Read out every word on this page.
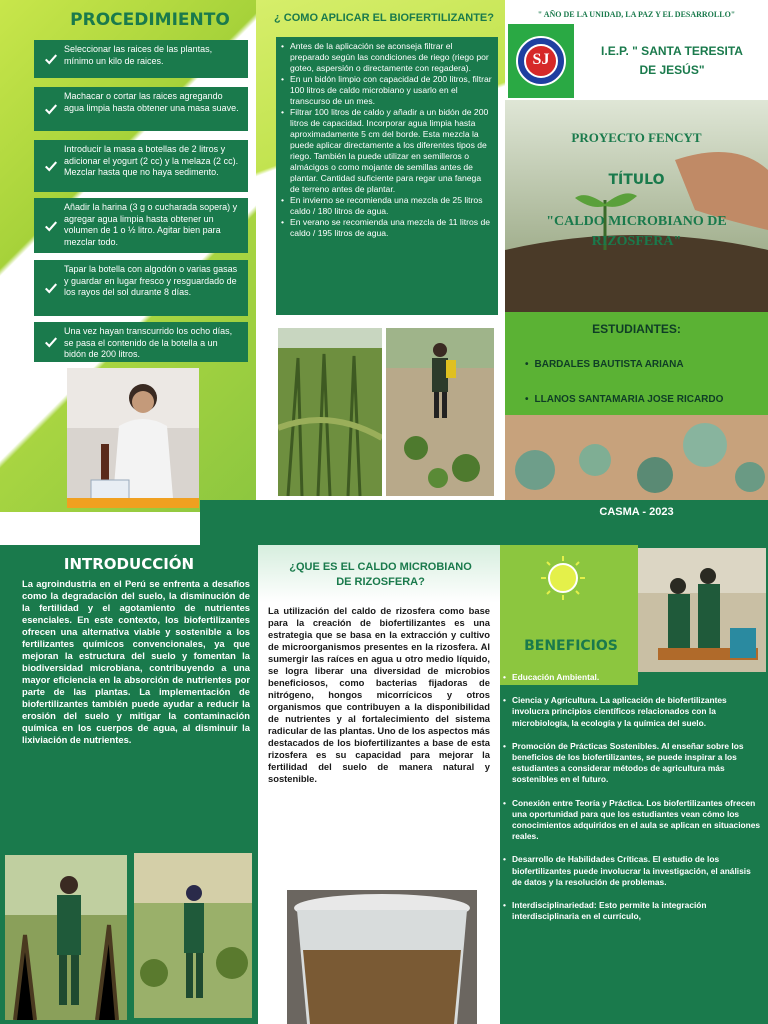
PROCEDIMIENTO
Seleccionar las raices de las plantas, mínimo un kilo de raices.
Machacar o cortar las raices agregando agua limpia hasta obtener una masa suave.
Introducir la masa a botellas de 2 litros y adicionar el yogurt (2 cc) y la melaza (2 cc). Mezclar hasta que no haya sedimento.
Añadir la harina (3 g o cucharada sopera) y agregar agua limpia hasta obtener un volumen de 1 o ½ litro. Agitar bien para mezclar todo.
Tapar la botella con algodón o varias gasas y guardar en lugar fresco y resguardado de los rayos del sol durante 8 días.
Una vez hayan transcurrido los ocho días, se pasa el contenido de la botella a un bidón de 200 litros.
¿ COMO APLICAR EL BIOFERTILIZANTE?
• Antes de la aplicación se aconseja filtrar el preparado según las condiciones de riego (riego por goteo, aspersión o directamente con regadera).
• En un bidón limpio con capacidad de 200 litros, filtrar 100 litros de caldo microbiano y usarlo en el transcurso de un mes.
• Filtrar 100 litros de caldo y añadir a un bidón de 200 litros de capacidad. Incorporar agua limpia hasta aproximadamente 5 cm del borde. Esta mezcla la puede aplicar directamente a los diferentes tipos de riego. También la puede utilizar en semilleros o almácigos o como mojante de semillas antes de plantar. Cantidad suficiente para regar una fanega de terreno antes de plantar.
• En invierno se recomienda una mezcla de 25 litros caldo / 180 litros de agua.
• En verano se recomienda una mezcla de 11 litros de caldo / 195 litros de agua.
" AÑO DE LA UNIDAD, LA PAZ Y EL DESARROLLO"
SJ	I.E.P. " SANTA TERESITA
DE JESÚS"
PROYECTO FENCYT
TÍTULO
"CALDO MICROBIANO DE
RIZOSFERA"
ESTUDIANTES:
• BARDALES BAUTISTA ARIANA
• LLANOS SANTAMARIA JOSE RICARDO
CASMA - 2023
INTRODUCCIÓN
La agroindustria en el Perú se enfrenta a desafíos como la degradación del suelo, la disminución de la fertilidad y el agotamiento de nutrientes esenciales. En este contexto, los biofertilizantes ofrecen una alternativa viable y sostenible a los fertilizantes químicos convencionales, ya que mejoran la estructura del suelo y fomentan la biodiversidad microbiana, contribuyendo a una mayor eficiencia en la absorción de nutrientes por parte de las plantas. La implementación de biofertilizantes también puede ayudar a reducir la erosión del suelo y mitigar la contaminación química en los cuerpos de agua, al disminuir la lixiviación de nutrientes.
¿QUE ES EL CALDO MICROBIANO
DE RIZOSFERA?
La utilización del caldo de rizosfera como base para la creación de biofertilizantes es una estrategia que se basa en la extracción y cultivo de microorganismos presentes en la rizosfera. Al sumergir las raíces en agua u otro medio líquido, se logra liberar una diversidad de microbios beneficiosos, como bacterias fijadoras de nitrógeno, hongos micorrícicos y otros organismos que contribuyen a la disponibilidad de nutrientes y al fortalecimiento del sistema radicular de las plantas. Uno de los aspectos más destacados de los biofertilizantes a base de esta rizosfera es su capacidad para mejorar la fertilidad del suelo de manera natural y sostenible.
BENEFICIOS
• Educación Ambiental.
• Ciencia y Agricultura. La aplicación de biofertilizantes involucra principios científicos relacionados con la microbiología, la ecología y la química del suelo.
• Promoción de Prácticas Sostenibles. Al enseñar sobre los beneficios de los biofertilizantes, se puede inspirar a los estudiantes a considerar métodos de agricultura más sostenibles en el futuro.
• Conexión entre Teoría y Práctica. Los biofertilizantes ofrecen una oportunidad para que los estudiantes vean cómo los conocimientos adquiridos en el aula se aplican en situaciones reales.
• Desarrollo de Habilidades Críticas. El estudio de los biofertilizantes puede involucrar la investigación, el análisis de datos y la resolución de problemas.
• Interdisciplinariedad: Esto permite la integración interdisciplinaria en el currículo,
